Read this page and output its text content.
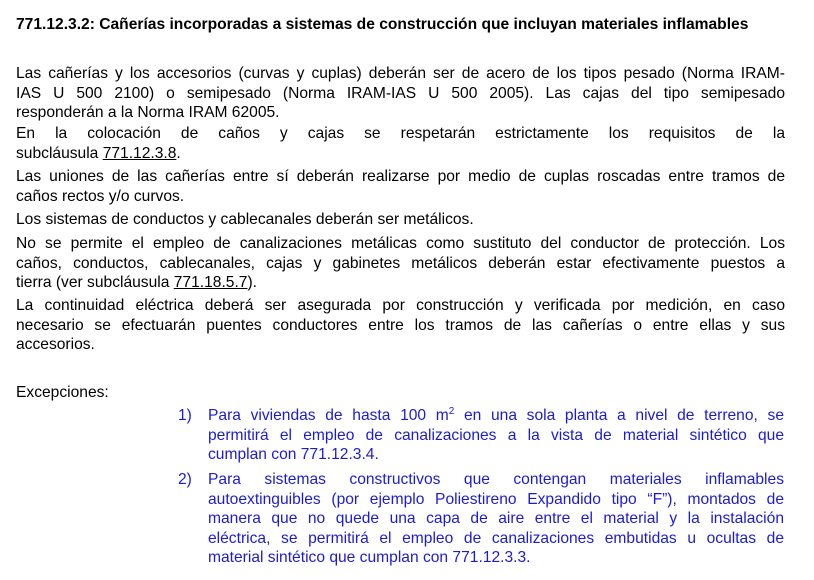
771.12.3.2: Cañerías incorporadas a sistemas de construcción que incluyan materiales inflamables
Las cañerías y los accesorios (curvas y cuplas) deberán ser de acero de los tipos pesado (Norma IRAM-
IAS U 500 2100) o semipesado (Norma IRAM-IAS U 500 2005). Las cajas del tipo semipesado
responderán a la Norma IRAM 62005.
En la colocación de caños y cajas se respetarán estrictamente los requisitos de la
subcláusula 771.12.3.8.
Las uniones de las cañerías entre sí deberán realizarse por medio de cuplas roscadas entre tramos de
caños rectos y/o curvos.
Los sistemas de conductos y cablecanales deberán ser metálicos.
No se permite el empleo de canalizaciones metálicas como sustituto del conductor de protección. Los
caños, conductos, cablecanales, cajas y gabinetes metálicos deberán estar efectivamente puestos a
tierra (ver subcláusula 771.18.5.7).
La continuidad eléctrica deberá ser asegurada por construcción y verificada por medición, en caso
necesario se efectuarán puentes conductores entre los tramos de las cañerías o entre ellas y sus
accesorios.
Excepciones:
1)	Para viviendas de hasta 100 $m^2$ en una sola planta a nivel de terreno, se
permitirá el empleo de canalizaciones a la vista de material sintético que
cumplan con 771.12.3.4.
2)	Para sistemas constructivos que contengan materiales inflamables
autoextinguibles (por ejemplo Poliestireno Expandido tipo “F”), montados de
manera que no quede una capa de aire entre el material y la instalación
eléctrica, se permitirá el empleo de canalizaciones embutidas u ocultas de
material sintético que cumplan con 771.12.3.3.
